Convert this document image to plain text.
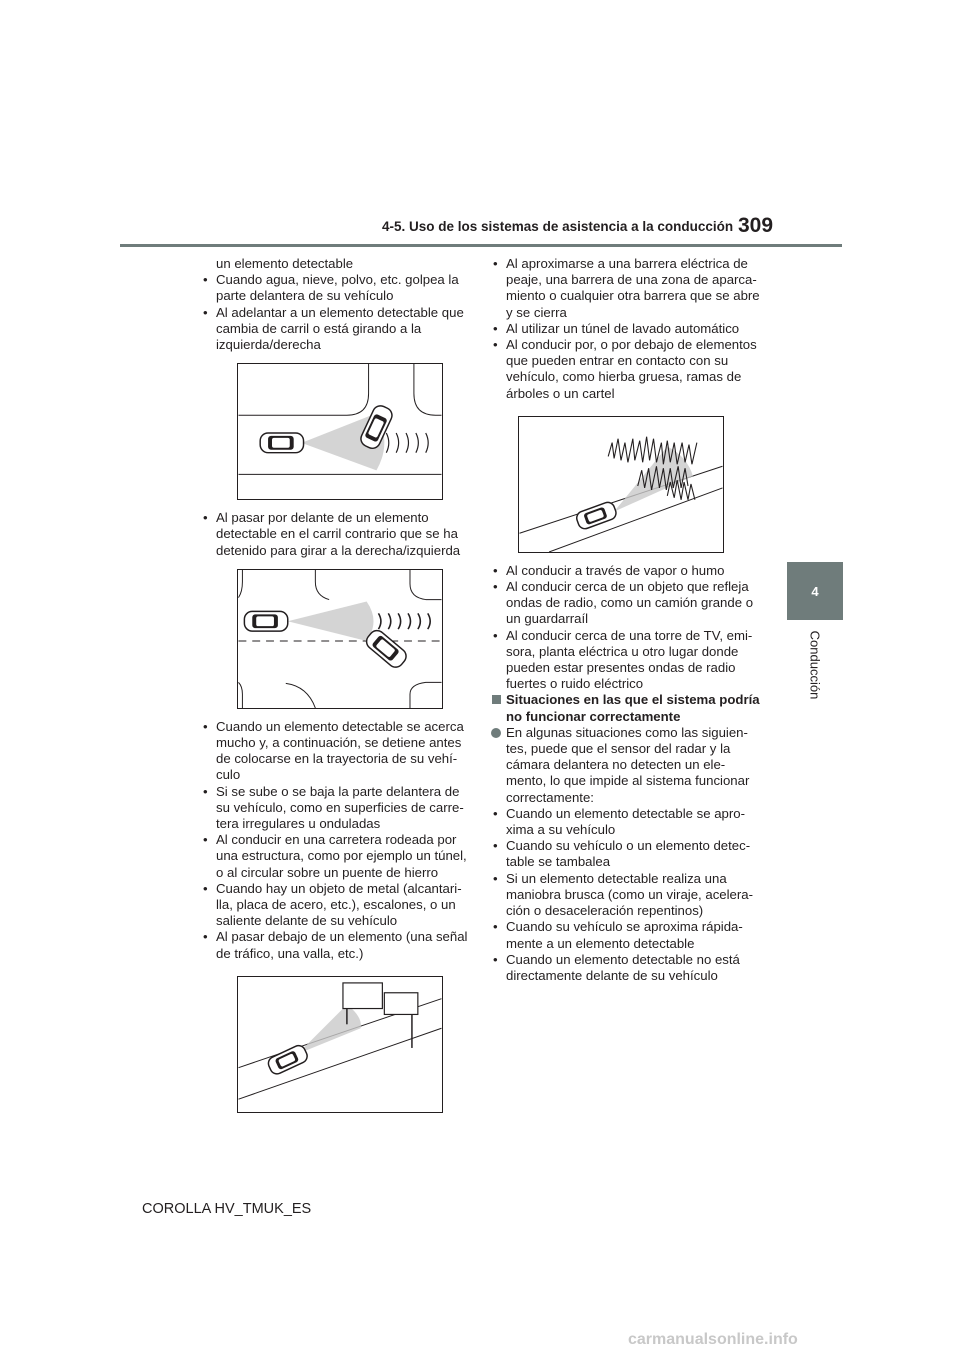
4-5. Uso de los sistemas de asistencia a la conducción 309
4
Conducción

un elemento detectable

• Cuando agua, nieve, polvo, etc. golpea la parte delantera de su vehículo

• Al adelantar a un elemento detectable que cambia de carril o está girando a la izquierda/derecha

• Al pasar por delante de un elemento detectable en el carril contrario que se ha detenido para girar a la derecha/izquierda

• Cuando un elemento detectable se acerca mucho y, a continuación, se detiene antes de colocarse en la trayectoria de su vehí-culo

• Si se sube o se baja la parte delantera de su vehículo, como en superficies de carre-tera irregulares u onduladas

• Al conducir en una carretera rodeada por una estructura, como por ejemplo un túnel, o al circular sobre un puente de hierro

• Cuando hay un objeto de metal (alcantari-lla, placa de acero, etc.), escalones, o un saliente delante de su vehículo

• Al pasar debajo de un elemento (una señal de tráfico, una valla, etc.)

• Al aproximarse a una barrera eléctrica de peaje, una barrera de una zona de aparca-miento o cualquier otra barrera que se abre y se cierra

• Al utilizar un túnel de lavado automático

• Al conducir por, o por debajo de elementos que pueden entrar en contacto con su vehículo, como hierba gruesa, ramas de árboles o un cartel

• Al conducir a través de vapor o humo

• Al conducir cerca de un objeto que refleja ondas de radio, como un camión grande o un guardarraíl

• Al conducir cerca de una torre de TV, emi-sora, planta eléctrica u otro lugar donde pueden estar presentes ondas de radio fuertes o ruido eléctrico

Situaciones en las que el sistema podría no funcionar correctamente

En algunas situaciones como las siguien-tes, puede que el sensor del radar y la cámara delantera no detecten un ele-mento, lo que impide al sistema funcionar correctamente:

• Cuando un elemento detectable se apro-xima a su vehículo

• Cuando su vehículo o un elemento detec-table se tambalea

• Si un elemento detectable realiza una maniobra brusca (como un viraje, acelera-ción o desaceleración repentinos)

• Cuando su vehículo se aproxima rápida-mente a un elemento detectable

• Cuando un elemento detectable no está directamente delante de su vehículo

COROLLA HV_TMUK_ES
carmanualsonline.info
